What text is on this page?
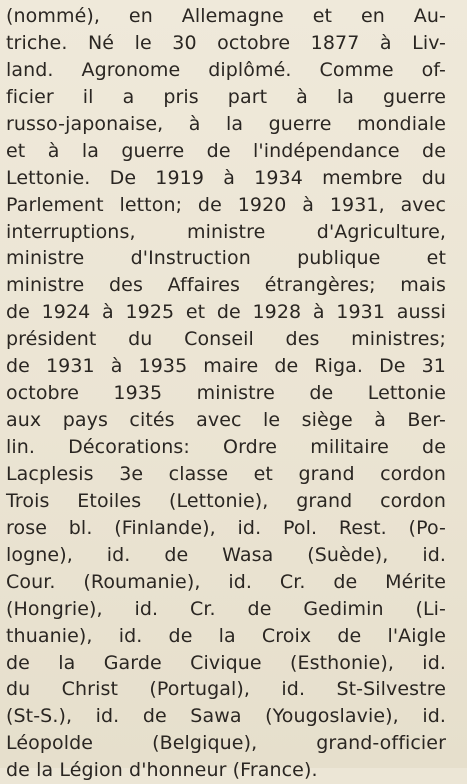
(nommé), en Allemagne et en Au-
triche. Né le 30 octobre 1877 à Liv-
land. Agronome diplômé. Comme of-
ficier il a pris part à la guerre
russo-japonaise, à la guerre mondiale
et à la guerre de l'indépendance de
Lettonie. De 1919 à 1934 membre du
Parlement letton; de 1920 à 1931, avec
interruptions, ministre d'Agriculture,
ministre d'Instruction publique et
ministre des Affaires étrangères; mais
de 1924 à 1925 et de 1928 à 1931 aussi
président du Conseil des ministres;
de 1931 à 1935 maire de Riga. De 31
octobre 1935 ministre de Lettonie
aux pays cités avec le siège à Ber-
lin. Décorations: Ordre militaire de
Lacplesis 3e classe et grand cordon
Trois Etoiles (Lettonie), grand cordon
rose bl. (Finlande), id. Pol. Rest. (Po-
logne), id. de Wasa (Suède), id.
Cour. (Roumanie), id. Cr. de Mérite
(Hongrie), id. Cr. de Gedimin (Li-
thuanie), id. de la Croix de l'Aigle
de la Garde Civique (Esthonie), id.
du Christ (Portugal), id. St-Silvestre
(St-S.), id. de Sawa (Yougoslavie), id.
Léopolde (Belgique), grand-officier
de la Légion d'honneur (France).
